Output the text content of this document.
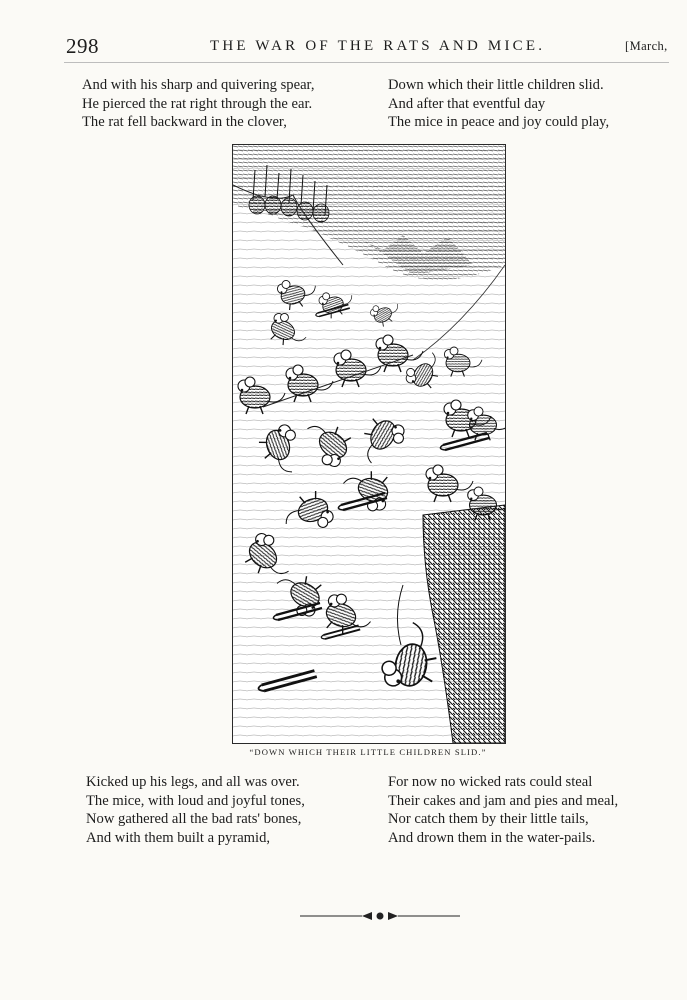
298	THE WAR OF THE RATS AND MICE.	[March,
And with his sharp and quivering spear,
He pierced the rat right through the ear.
The rat fell backward in the clover,
Down which their little children slid.
And after that eventful day
The mice in peace and joy could play,
“DOWN WHICH THEIR LITTLE CHILDREN SLID.”
Kicked up his legs, and all was over.
The mice, with loud and joyful tones,
Now gathered all the bad rats' bones,
And with them built a pyramid,
For now no wicked rats could steal
Their cakes and jam and pies and meal,
Nor catch them by their little tails,
And drown them in the water-pails.
